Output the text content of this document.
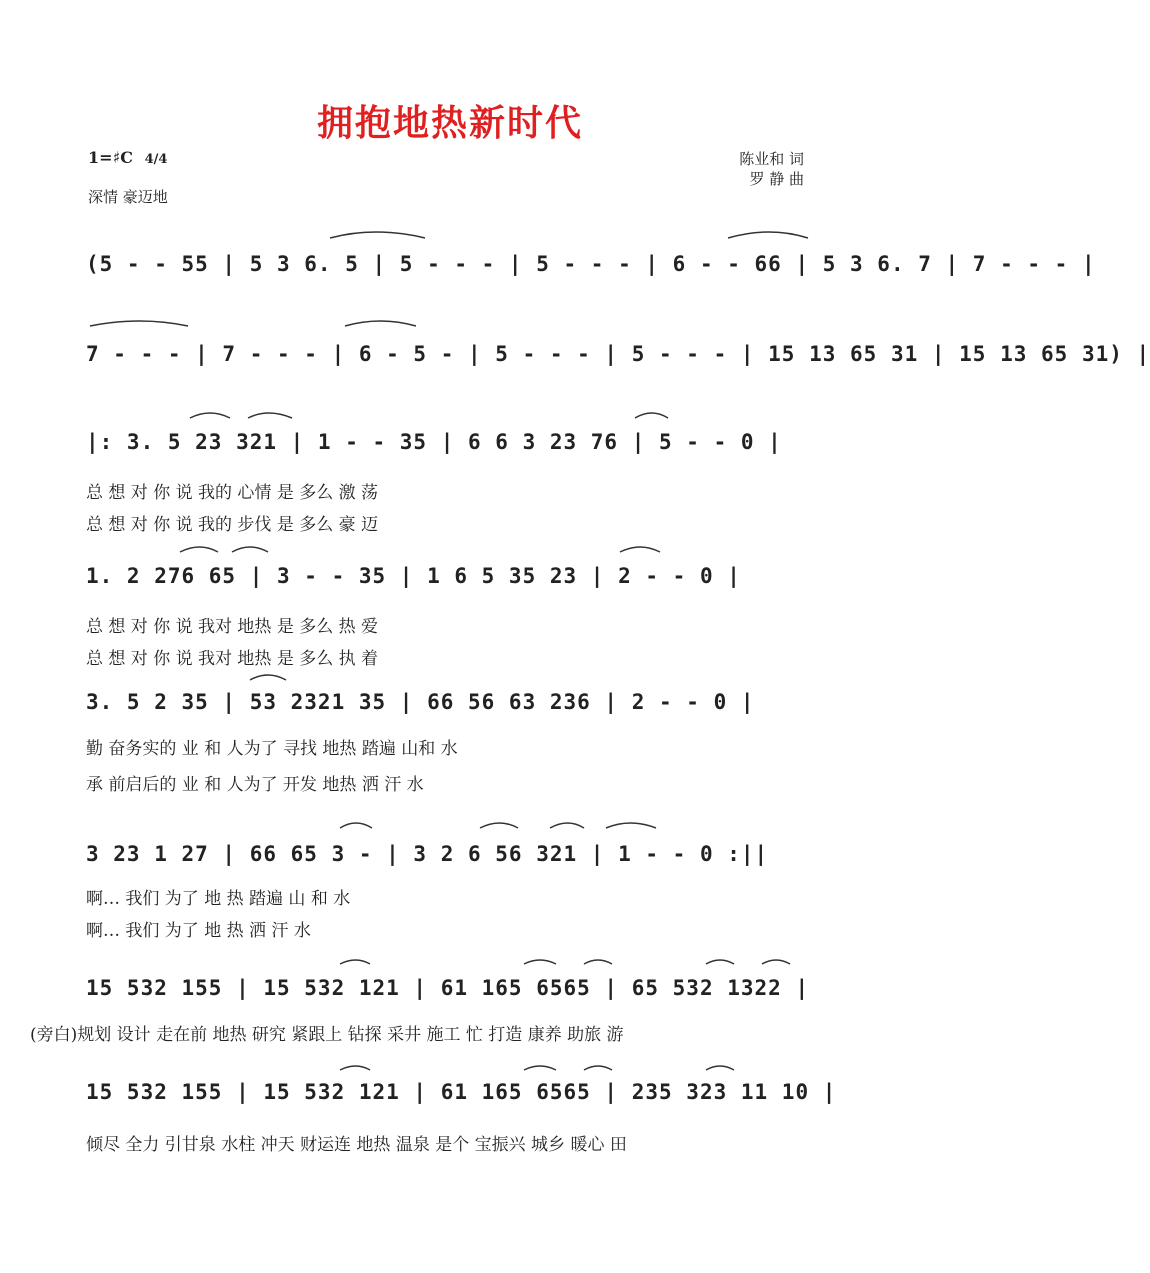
拥抱地热新时代
1=♯C 4/4
深情 豪迈地
陈业和 词
罗 静 曲
(5 - - 55 | 5 3 6. 5 | 5 - - - | 5 - - - | 6 - - 66 | 5 3 6. 7 | 7 - - - |
7 - - - | 7 - - - | 6 - 5 - | 5 - - - | 5 - - - | 15 13 65 31 | 15 13 65 31) |
|: 3. 5 23 321 | 1 - - 35 | 6 6 3 23 76 | 5 - - 0 |
总 想 对 你 说 我的 心情 是 多么 激 荡
总 想 对 你 说 我的 步伐 是 多么 豪 迈
1. 2 276 65 | 3 - - 35 | 1 6 5 35 23 | 2 - - 0 |
总 想 对 你 说 我对 地热 是 多么 热 爱
总 想 对 你 说 我对 地热 是 多么 执 着
3. 5 2 35 | 53 2321 35 | 66 56 63 236 | 2 - - 0 |
勤 奋务实的 业 和 人为了 寻找 地热 踏遍 山和 水
承 前启后的 业 和 人为了 开发 地热 洒 汗 水
3 23 1 27 | 66 65 3 - | 3 2 6 56 321 | 1 - - 0 :||
啊… 我们 为了 地 热 踏遍 山 和 水
啊… 我们 为了 地 热 洒 汗 水
15 532 155 | 15 532 121 | 61 165 6565 | 65 532 1322 |
(旁白)规划 设计 走在前 地热 研究 紧跟上 钻探 采井 施工 忙 打造 康养 助旅 游
15 532 155 | 15 532 121 | 61 165 6565 | 235 323 11 10 |
倾尽 全力 引甘泉 水柱 冲天 财运连 地热 温泉 是个 宝振兴 城乡 暖心 田
